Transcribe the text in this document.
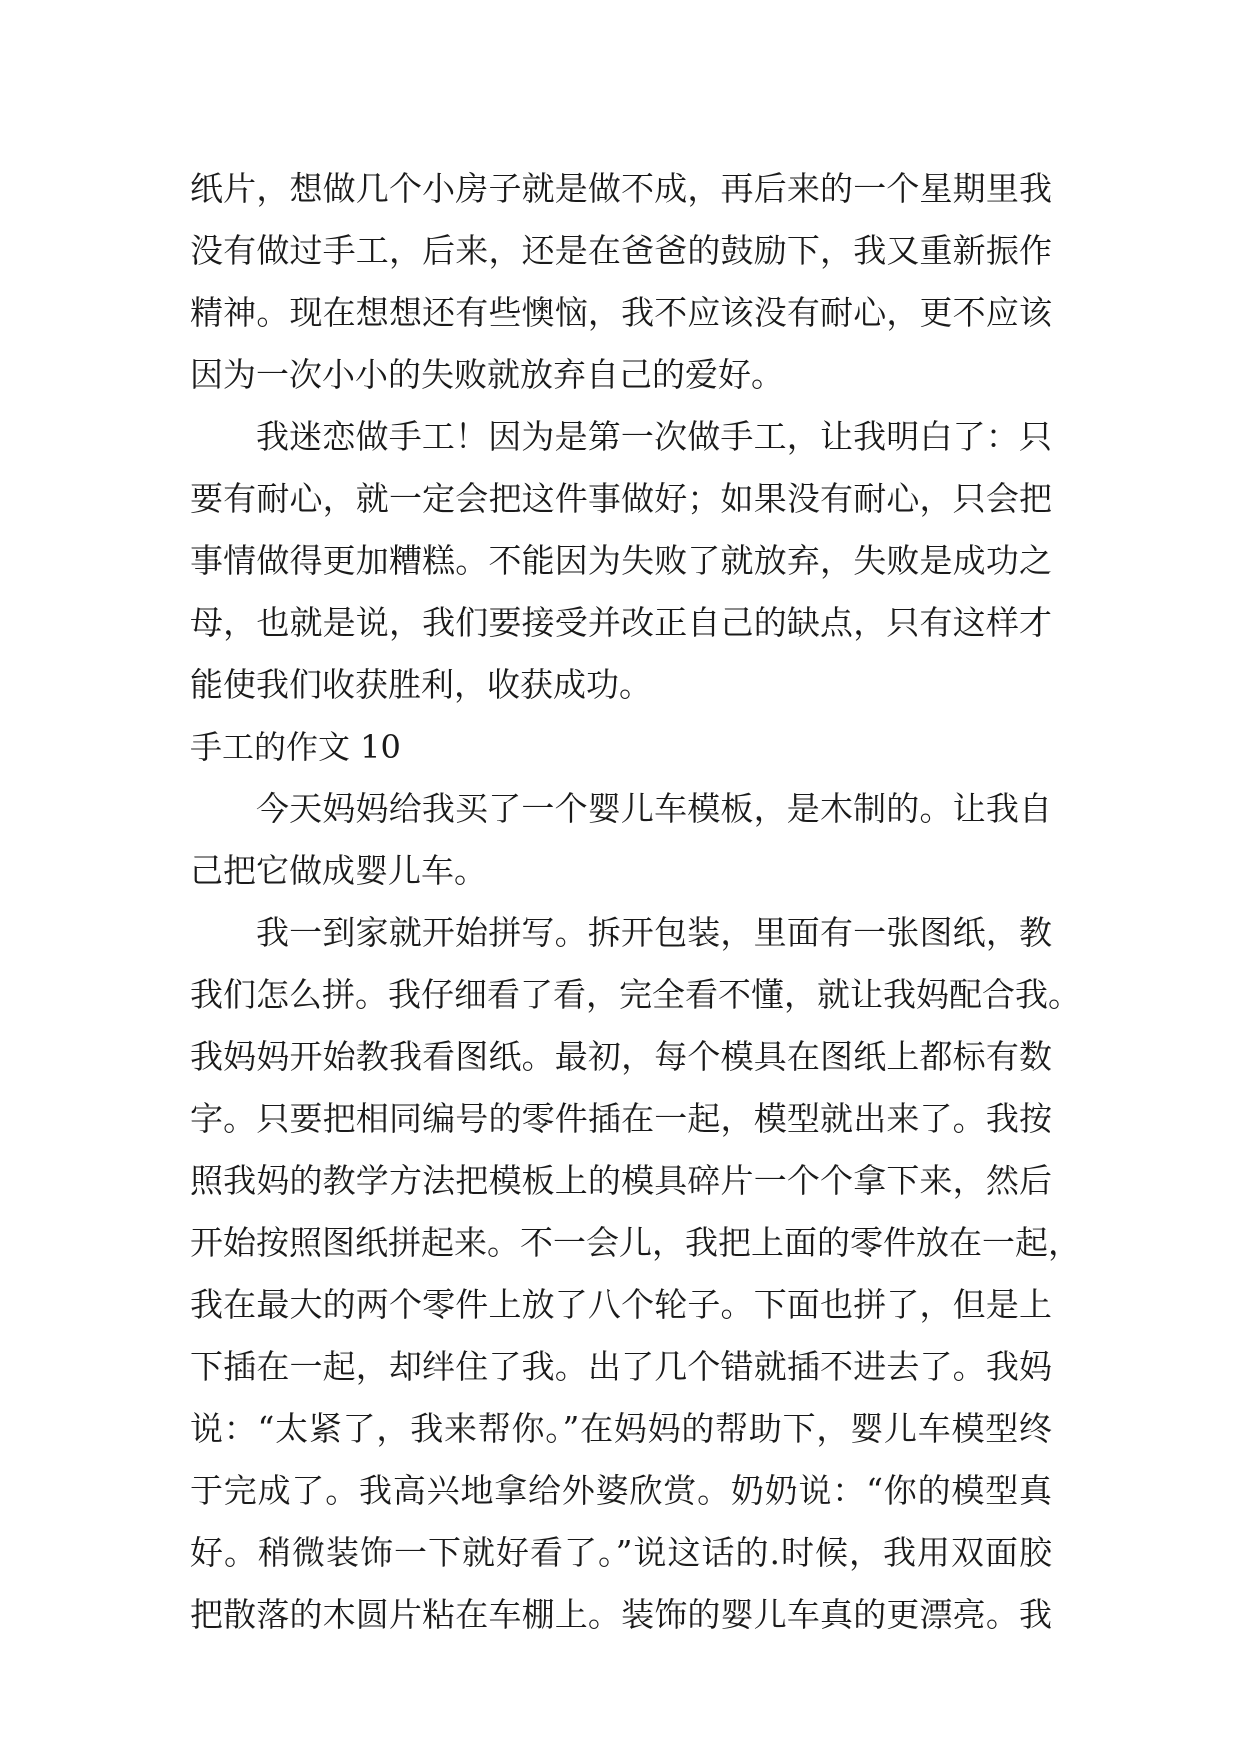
纸片，想做几个小房子就是做不成，再后来的一个星期里我
没有做过手工，后来，还是在爸爸的鼓励下，我又重新振作
精神。现在想想还有些懊恼，我不应该没有耐心，更不应该
因为一次小小的失败就放弃自己的爱好。
我迷恋做手工！因为是第一次做手工，让我明白了：只
要有耐心，就一定会把这件事做好；如果没有耐心，只会把
事情做得更加糟糕。不能因为失败了就放弃，失败是成功之
母，也就是说，我们要接受并改正自己的缺点，只有这样才
能使我们收获胜利，收获成功。
手工的作文 10
今天妈妈给我买了一个婴儿车模板，是木制的。让我自
己把它做成婴儿车。
我一到家就开始拼写。拆开包装，里面有一张图纸，教
我们怎么拼。我仔细看了看，完全看不懂，就让我妈配合我。
我妈妈开始教我看图纸。最初，每个模具在图纸上都标有数
字。只要把相同编号的零件插在一起，模型就出来了。我按
照我妈的教学方法把模板上的模具碎片一个个拿下来，然后
开始按照图纸拼起来。不一会儿，我把上面的零件放在一起，
我在最大的两个零件上放了八个轮子。下面也拼了，但是上
下插在一起，却绊住了我。出了几个错就插不进去了。我妈
说：“太紧了，我来帮你。”在妈妈的帮助下，婴儿车模型终
于完成了。我高兴地拿给外婆欣赏。奶奶说：“你的模型真
好。稍微装饰一下就好看了。”说这话的.时候，我用双面胶
把散落的木圆片粘在车棚上。装饰的婴儿车真的更漂亮。我
